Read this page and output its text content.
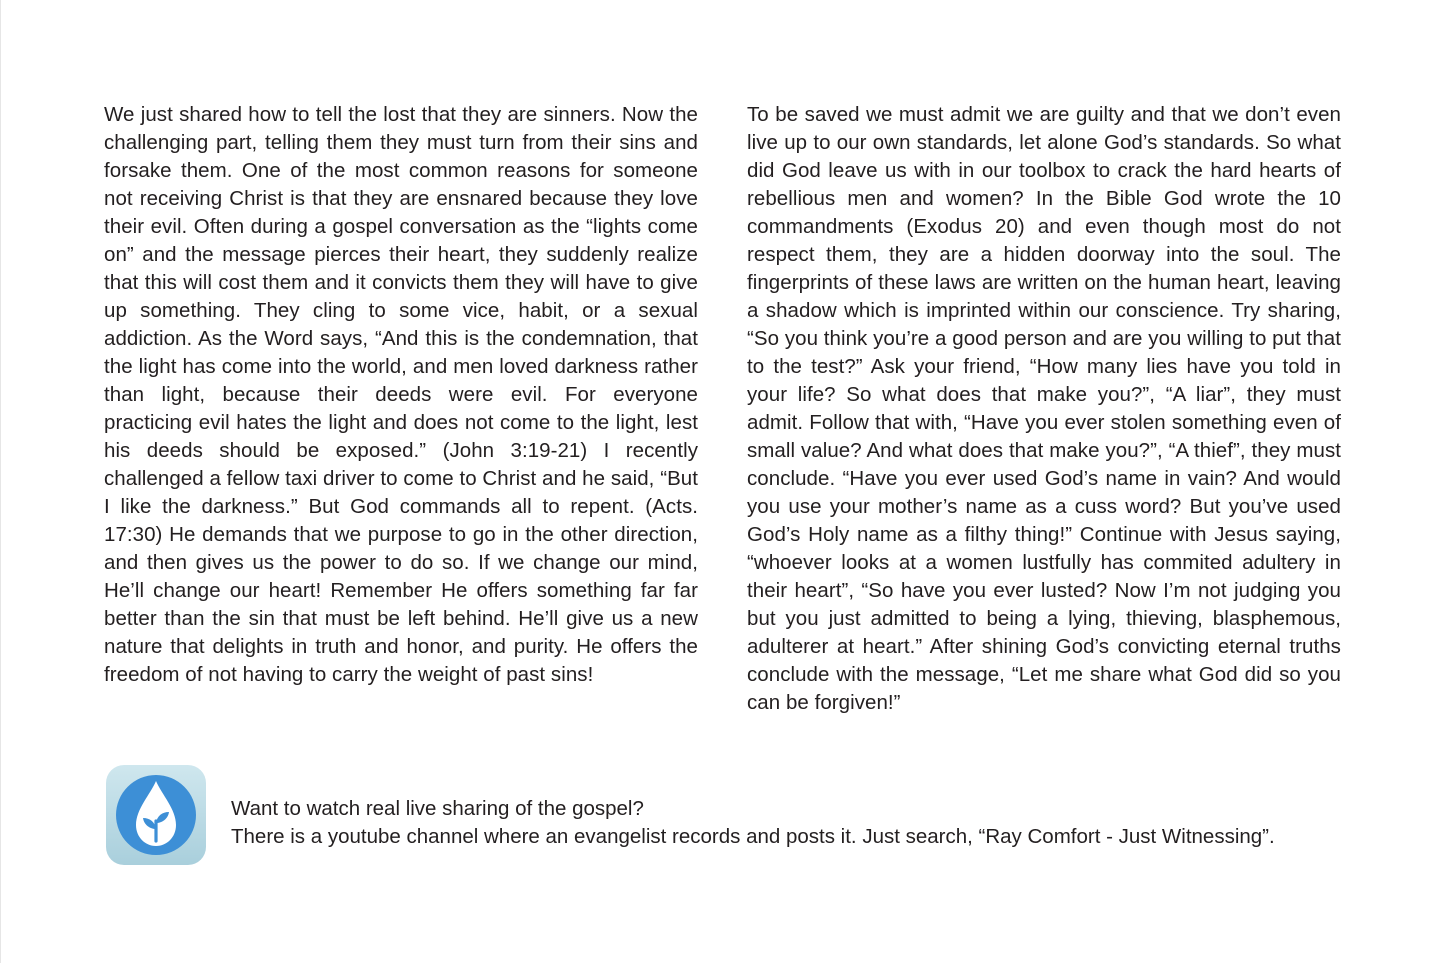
We just shared how to tell the lost that they are sinners. Now the challenging part, telling them they must turn from their sins and forsake them. One of the most common reasons for someone not receiving Christ is that they are ensnared because they love their evil. Often during a gospel conversation as the “lights come on” and the message pierces their heart, they suddenly realize that this will cost them and it convicts them they will have to give up something. They cling to some vice, habit, or a sexual addiction. As the Word says, “And this is the condemnation, that the light has come into the world, and men loved darkness rather than light, because their deeds were evil. For everyone practicing evil hates the light and does not come to the light, lest his deeds should be exposed.” (John 3:19-21) I recently challenged a fellow taxi driver to come to Christ and he said, “But I like the darkness.” But God commands all to repent. (Acts. 17:30) He demands that we purpose to go in the other direction, and then gives us the power to do so. If we change our mind, He’ll change our heart! Remember He offers something far far better than the sin that must be left behind. He’ll give us a new nature that delights in truth and honor, and purity. He offers the freedom of not having to carry the weight of past sins!

To be saved we must admit we are guilty and that we don’t even live up to our own standards, let alone God’s standards. So what did God leave us with in our toolbox to crack the hard hearts of rebellious men and women? In the Bible God wrote the 10 commandments (Exodus 20) and even though most do not respect them, they are a hidden doorway into the soul. The fingerprints of these laws are written on the human heart, leaving a shadow which is imprinted within our conscience. Try sharing, “So you think you’re a good person and are you willing to put that to the test?” Ask your friend, “How many lies have you told in your life? So what does that make you?”, “A liar”, they must admit. Follow that with, “Have you ever stolen something even of small value? And what does that make you?”, “A thief”, they must conclude. “Have you ever used God’s name in vain? And would you use your mother’s name as a cuss word? But you’ve used God’s Holy name as a filthy thing!” Continue with Jesus saying, “whoever looks at a women lustfully has commited adultery in their heart”, “So have you ever lusted? Now I’m not judging you but you just admitted to being a lying, thieving, blasphemous, adulterer at heart.” After shining God’s convicting eternal truths conclude with the message, “Let me share what God did so you can be forgiven!”

Want to watch real live sharing of the gospel?
There is a youtube channel where an evangelist records and posts it. Just search, “Ray Comfort - Just Witnessing”.
